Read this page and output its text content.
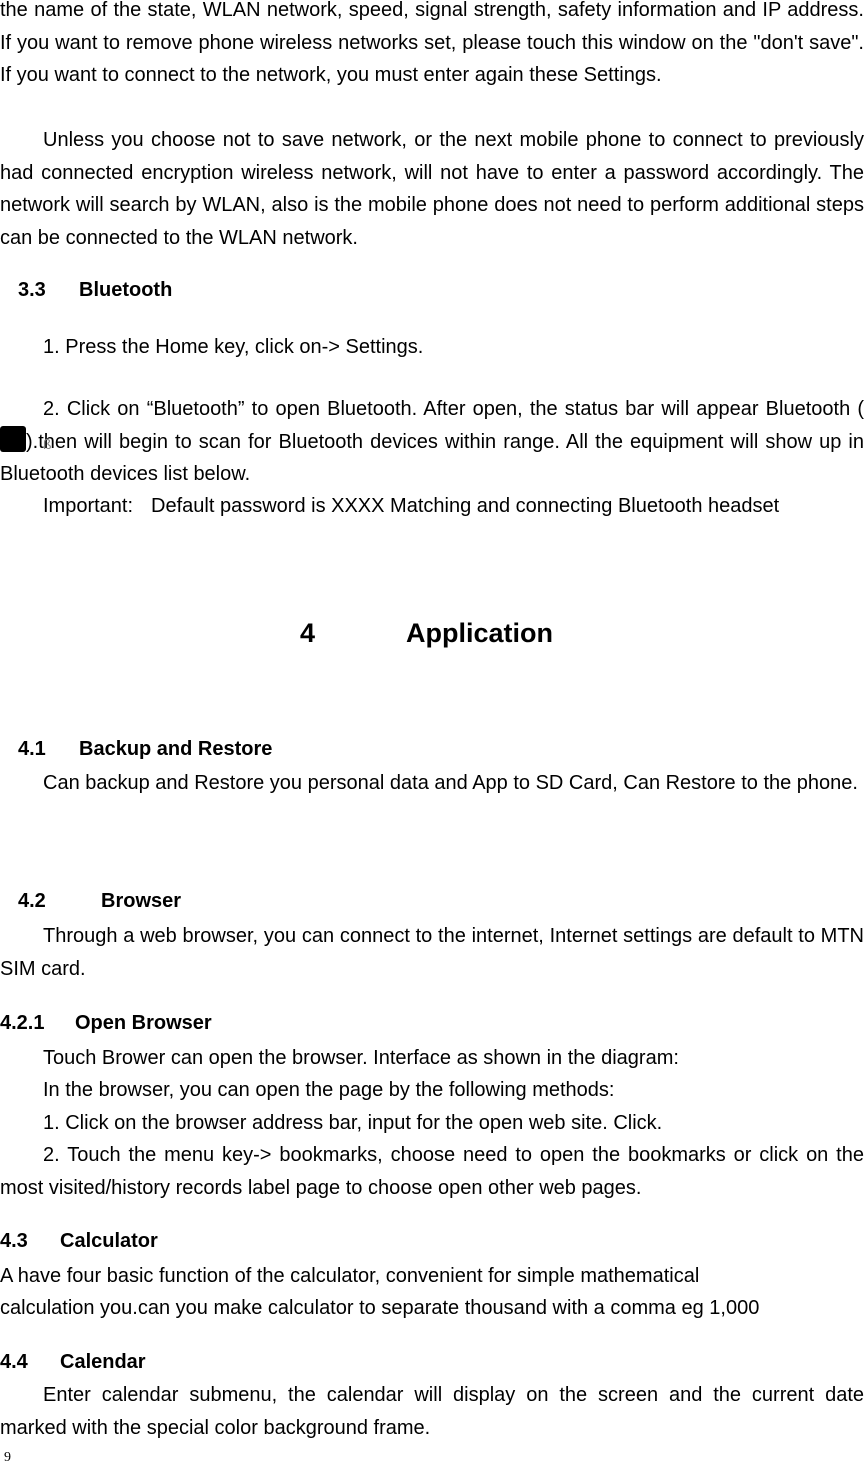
the name of the state, WLAN network, speed, signal strength, safety information and IP address. If you want to remove phone wireless networks set, please touch this window on the "don't save". If you want to connect to the network, you must enter again these Settings.

Unless you choose not to save network, or the next mobile phone to connect to previously had connected encryption wireless network, will not have to enter a password accordingly. The network will search by WLAN, also is the mobile phone does not need to perform additional steps can be connected to the WLAN network.

3.3 Bluetooth

1. Press the Home key, click on-> Settings.

2. Click on “Bluetooth” to open Bluetooth. After open, the status bar will appear Bluetooth (ß).then will begin to scan for Bluetooth devices within range. All the equipment will show up in Bluetooth devices list below.

Important: Default password is XXXX Matching and connecting Bluetooth headset

4	Application
4.1 Backup and Restore

Can backup and Restore you personal data and App to SD Card, Can Restore to the phone.

4.2	Browser

Through a web browser, you can connect to the internet, Internet settings are default to MTN SIM card.

4.2.1 Open Browser

Touch Brower can open the browser. Interface as shown in the diagram:

In the browser, you can open the page by the following methods:

1. Click on the browser address bar, input for the open web site. Click.

2. Touch the menu key-> bookmarks, choose need to open the bookmarks or click on the most visited/history records label page to choose open other web pages.

4.3 Calculator

A have four basic function of the calculator, convenient for simple mathematical

calculation you.can you make calculator to separate thousand with a comma eg 1,000

4.4 Calendar

Enter calendar submenu, the calendar will display on the screen and the current date marked with the special color background frame.

9
